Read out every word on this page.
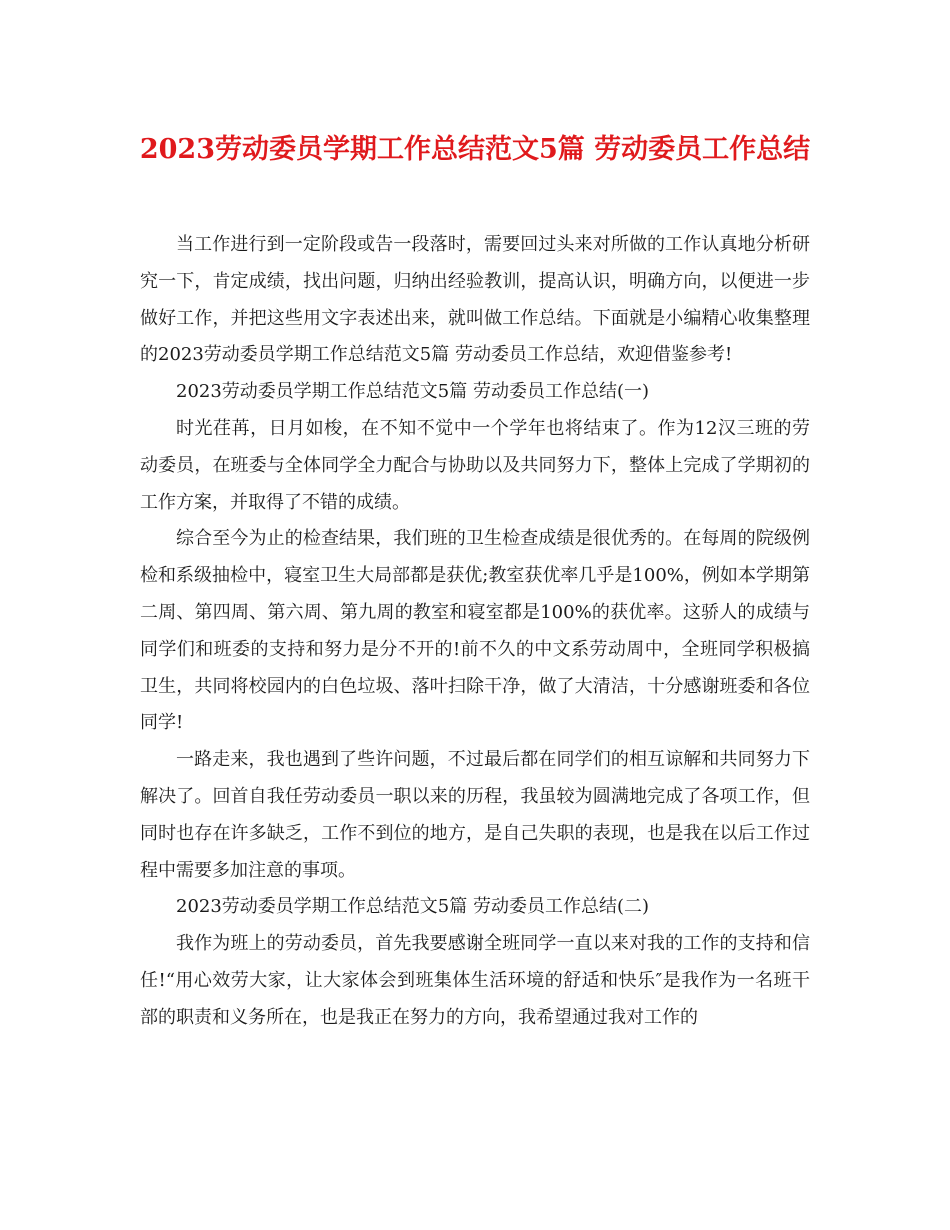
2023劳动委员学期工作总结范文5篇 劳动委员工作总结

当工作进行到一定阶段或告一段落时，需要回过头来对所做的工作认真地分析研究一下，肯定成绩，找出问题，归纳出经验教训，提高认识，明确方向，以便进一步做好工作，并把这些用文字表述出来，就叫做工作总结。下面就是小编精心收集整理的2023劳动委员学期工作总结范文5篇 劳动委员工作总结，欢迎借鉴参考!

2023劳动委员学期工作总结范文5篇 劳动委员工作总结(一)

时光荏苒，日月如梭，在不知不觉中一个学年也将结束了。作为12汉三班的劳动委员，在班委与全体同学全力配合与协助以及共同努力下，整体上完成了学期初的工作方案，并取得了不错的成绩。

综合至今为止的检查结果，我们班的卫生检查成绩是很优秀的。在每周的院级例检和系级抽检中，寝室卫生大局部都是获优;教室获优率几乎是100%，例如本学期第二周、第四周、第六周、第九周的教室和寝室都是100%的获优率。这骄人的成绩与同学们和班委的支持和努力是分不开的!前不久的中文系劳动周中，全班同学积极搞卫生，共同将校园内的白色垃圾、落叶扫除干净，做了大清洁，十分感谢班委和各位同学!

一路走来，我也遇到了些许问题，不过最后都在同学们的相互谅解和共同努力下解决了。回首自我任劳动委员一职以来的历程，我虽较为圆满地完成了各项工作，但同时也存在许多缺乏，工作不到位的地方，是自己失职的表现，也是我在以后工作过程中需要多加注意的事项。

2023劳动委员学期工作总结范文5篇 劳动委员工作总结(二)

我作为班上的劳动委员，首先我要感谢全班同学一直以来对我的工作的支持和信任!“用心效劳大家，让大家体会到班集体生活环境的舒适和快乐″是我作为一名班干部的职责和义务所在，也是我正在努力的方向，我希望通过我对工作的
